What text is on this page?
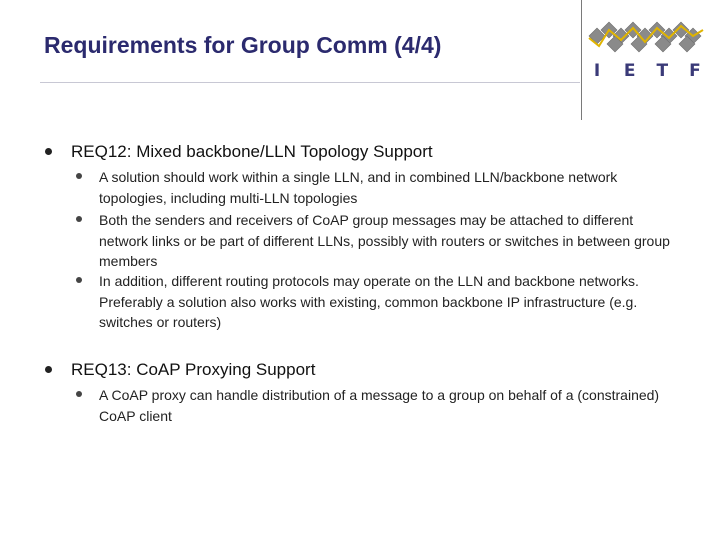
Requirements for Group Comm (4/4)
I	E T F
REQ12: Mixed backbone/LLN Topology Support
A solution should work within a single LLN, and in combined LLN/backbone network topologies, including multi-LLN topologies
Both the senders and receivers of CoAP group messages may be attached to different network links or be part of different LLNs, possibly with routers or switches in between group members
In addition, different routing protocols may operate on the LLN and backbone networks. Preferably a solution also works with existing, common backbone IP infrastructure (e.g. switches or routers)
REQ13: CoAP Proxying Support
A CoAP proxy can handle distribution of a message to a group on behalf of a (constrained) CoAP client
